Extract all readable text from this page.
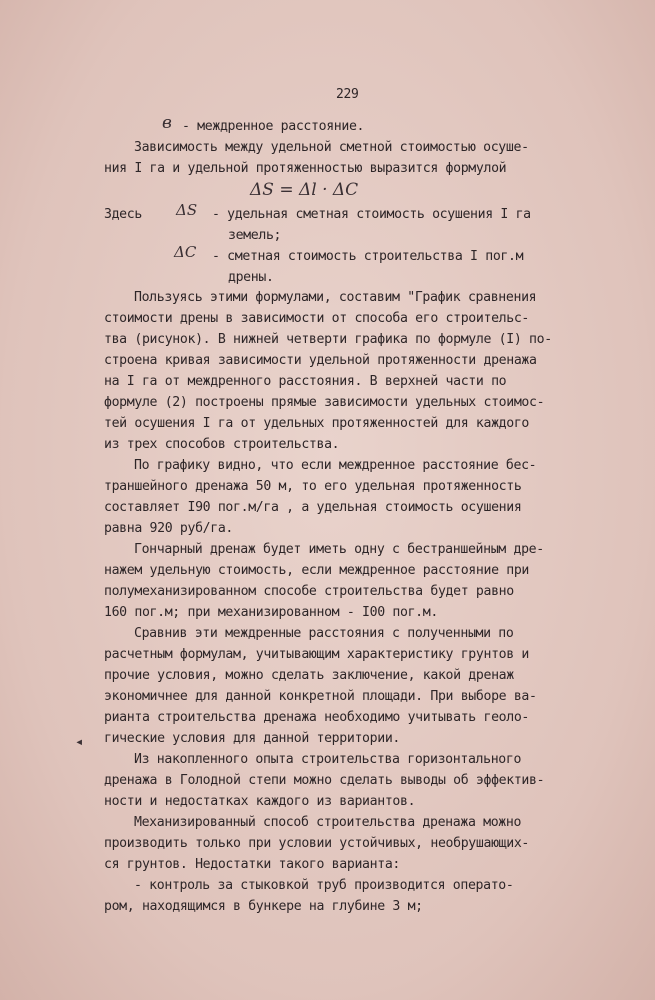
229
в - междренное расстояние.
Зависимость между удельной сметной стоимостью осуше-
ния I га и удельной протяженностью выразится формулой
ΔS = Δl · ΔC
Здесь ΔS - удельная сметная стоимость осушения I га
земель;
ΔC - сметная стоимость строительства I пог.м
дрены.
Пользуясь этими формулами, составим "График сравнения
стоимости дрены в зависимости от способа его строительс-
тва (рисунок). В нижней четверти графика по формуле (I) по-
строена кривая зависимости удельной протяженности дренажа
на I га от междренного расстояния. В верхней части по
формуле (2) построены прямые зависимости удельных стоимос-
тей осушения I га от удельных протяженностей для каждого
из трех способов строительства.
По графику видно, что если междренное расстояние бес-
траншейного дренажа 50 м, то его удельная протяженность
составляет I90 пог.м/га , а удельная стоимость осушения
равна 920 руб/га.
Гончарный дренаж будет иметь одну с бестраншейным дре-
нажем удельную стоимость, если междренное расстояние при
полумеханизированном способе строительства будет равно
160 пог.м; при механизированном - I00 пог.м.
Сравнив эти междренные расстояния с полученными по
расчетным формулам, учитывающим характеристику грунтов и
прочие условия, можно сделать заключение, какой дренаж
экономичнее для данной конкретной площади. При выборе ва-
рианта строительства дренажа необходимо учитывать геоло-
◂ гические условия для данной территории.
Из накопленного опыта строительства горизонтального
дренажа в Голодной степи можно сделать выводы об эффектив-
ности и недостатках каждого из вариантов.
Механизированный способ строительства дренажа можно
производить только при условии устойчивых, необрушающих-
ся грунтов. Недостатки такого варианта:
- контроль за стыковкой труб производится операто-
ром, находящимся в бункере на глубине 3 м;
